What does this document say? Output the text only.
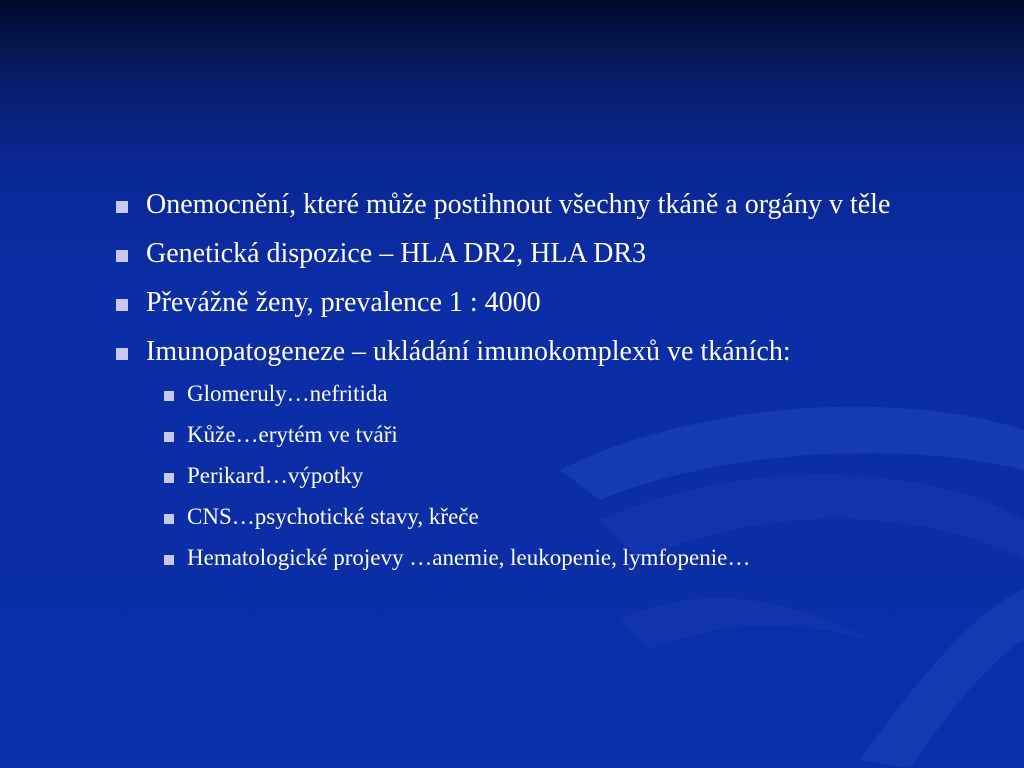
Onemocnění, které může postihnout všechny tkáně a orgány v těle
Genetická dispozice – HLA DR2, HLA DR3
Převážně ženy, prevalence 1 : 4000
Imunopatogeneze – ukládání imunokomplexů ve tkáních:
Glomeruly…nefritida
Kůže…erytém ve tváři
Perikard…výpotky
CNS…psychotické stavy, křeče
Hematologické projevy …anemie, leukopenie, lymfopenie…
